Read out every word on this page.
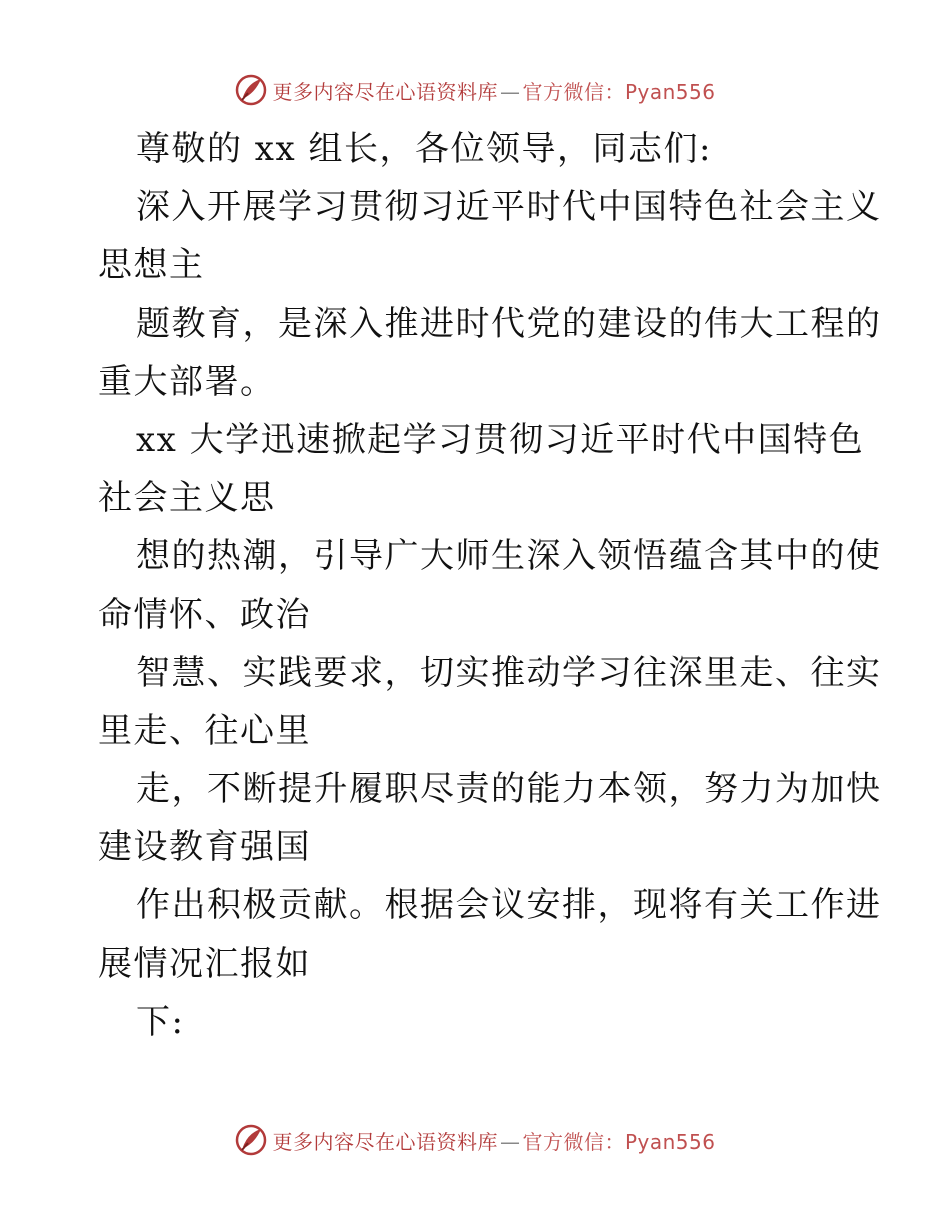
更多内容尽在心语资料库 — 官方微信：Pyan556
尊敬的 xx 组长，各位领导，同志们:
深入开展学习贯彻习近平时代中国特色社会主义
思想主
题教育，是深入推进时代党的建设的伟大工程的
重大部署。
xx 大学迅速掀起学习贯彻习近平时代中国特色
社会主义思
想的热潮，引导广大师生深入领悟蕴含其中的使
命情怀、政治
智慧、实践要求，切实推动学习往深里走、往实
里走、往心里
走，不断提升履职尽责的能力本领，努力为加快
建设教育强国
作出积极贡献。根据会议安排，现将有关工作进
展情况汇报如
下:
更多内容尽在心语资料库 — 官方微信：Pyan556
